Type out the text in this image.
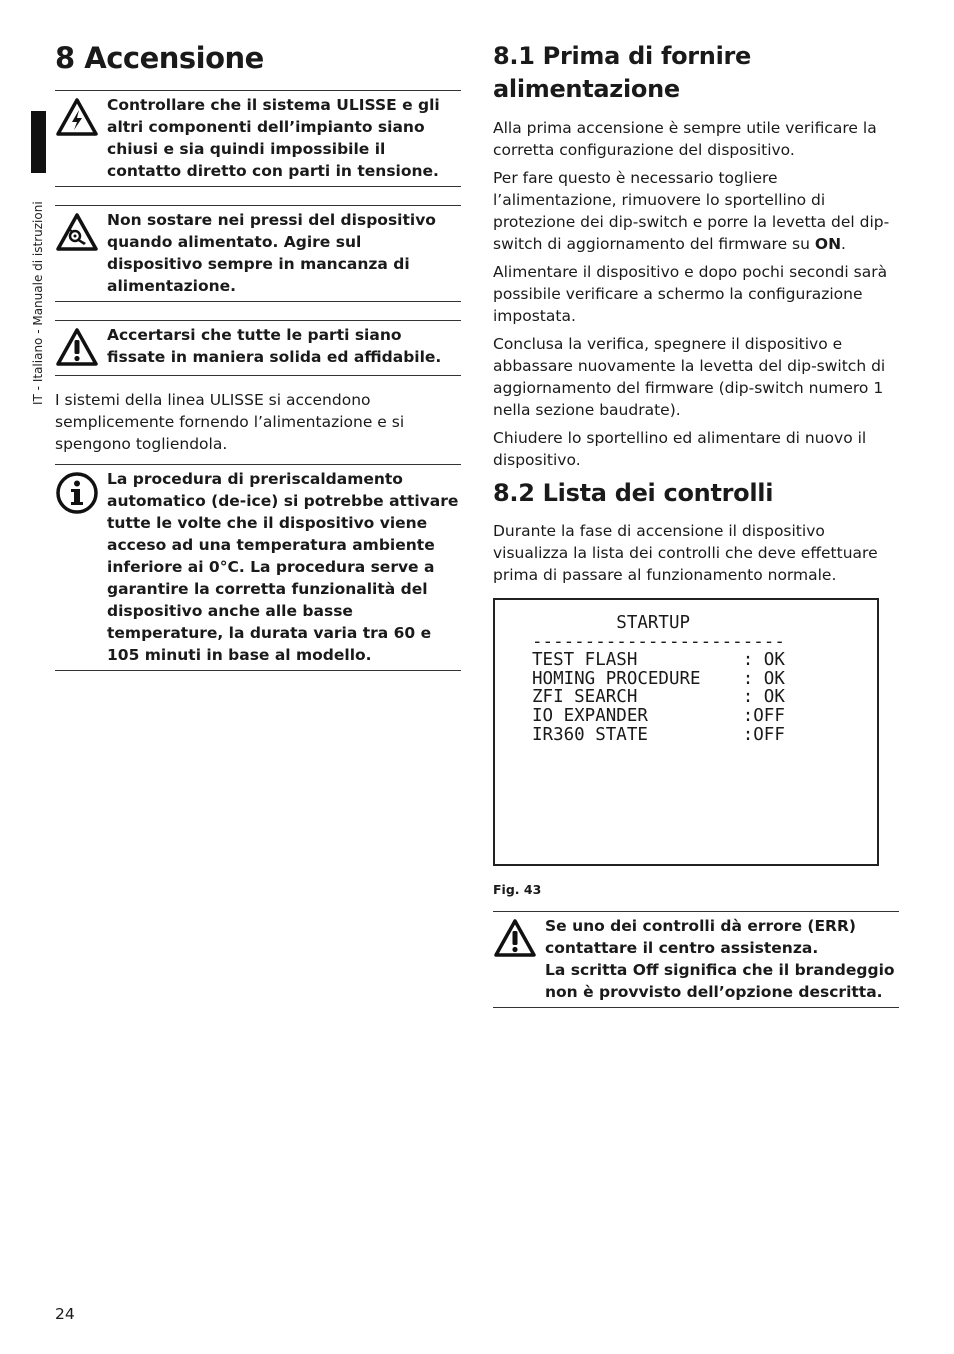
IT - Italiano - Manuale di istruzioni
8 Accensione
Controllare che il sistema ULISSE e gli altri componenti dell’impianto siano chiusi e sia quindi impossibile il contatto diretto con parti in tensione.
Non sostare nei pressi del dispositivo quando alimentato. Agire sul dispositivo sempre in mancanza di alimentazione.
Accertarsi che tutte le parti siano fissate in maniera solida ed affidabile.

I sistemi della linea ULISSE si accendono semplicemente fornendo l’alimentazione e si spengono togliendola.

La procedura di preriscaldamento automatico (de-ice) si potrebbe attivare tutte le volte che il dispositivo viene acceso ad una temperatura ambiente inferiore ai 0°C. La procedura serve a garantire la corretta funzionalità del dispositivo anche alle basse temperature, la durata varia tra 60 e 105 minuti in base al modello.
8.1 Prima di fornire alimentazione

Alla prima accensione è sempre utile verificare la corretta configurazione del dispositivo.

Per fare questo è necessario togliere l’alimentazione, rimuovere lo sportellino di protezione dei dip-switch e porre la levetta del dip-switch di aggiornamento del firmware su ON.

Alimentare il dispositivo e dopo pochi secondi sarà possibile verificare a schermo la configurazione impostata.

Conclusa la verifica, spegnere il dispositivo e abbassare nuovamente la levetta del dip-switch di aggiornamento del firmware (dip-switch numero 1 nella sezione baudrate).

Chiudere lo sportellino ed alimentare di nuovo il dispositivo.

8.2 Lista dei controlli

Durante la fase di accensione il dispositivo visualizza la lista dei controlli che deve effettuare prima di passare al funzionamento normale.

STARTUP
------------------------
TEST FLASH          : OK
HOMING PROCEDURE    : OK
ZFI SEARCH          : OK
IO EXPANDER         :OFF
IR360 STATE         :OFF
Fig. 43
Se uno dei controlli dà errore (ERR) contattare il centro assistenza.
La scritta Off significa che il brandeggio non è provvisto dell’opzione descritta.
24
